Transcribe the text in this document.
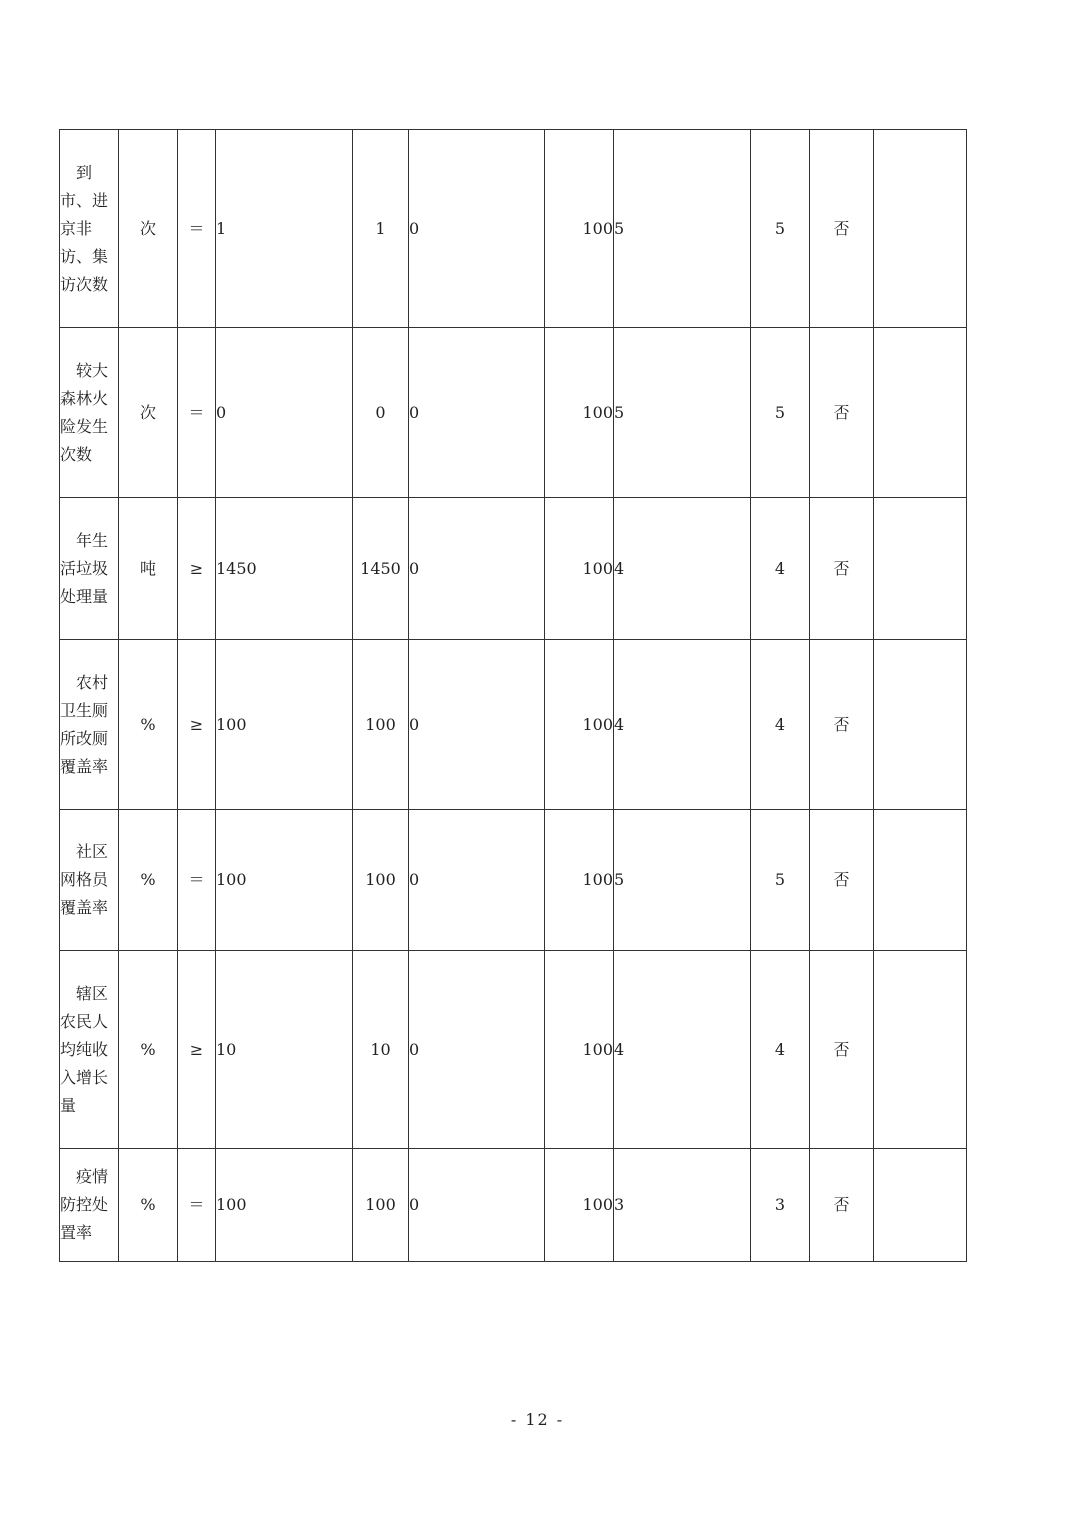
到市、进京非访、集访次数	次	＝	1	1	0	100	5	5	否	
较大森林火险发生次数	次	＝	0	0	0	100	5	5	否	
年生活垃圾处理量	吨	≥	1450	1450	0	100	4	4	否	
农村卫生厕所改厕覆盖率	%	≥	100	100	0	100	4	4	否	
社区网格员覆盖率	%	＝	100	100	0	100	5	5	否	
辖区农民人均纯收入增长量	%	≥	10	10	0	100	4	4	否	
疫情防控处置率	%	＝	100	100	0	100	3	3	否	
- 12 -
